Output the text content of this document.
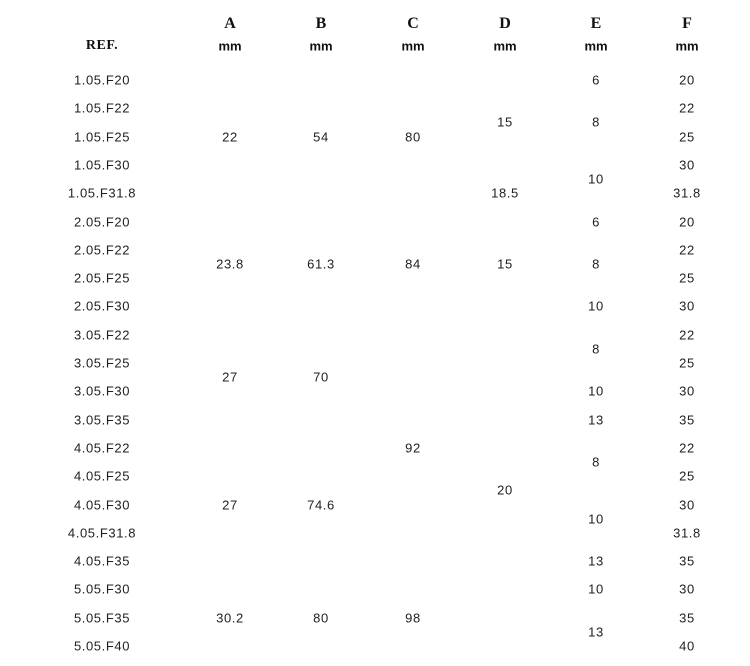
REF.
A
mm
B
mm
C
mm
D
mm
E
mm
F
mm
1.05.F20
1.05.F22
1.05.F25
1.05.F30
1.05.F31.8
2.05.F20
2.05.F22
2.05.F25
2.05.F30
3.05.F22
3.05.F25
3.05.F30
3.05.F35
4.05.F22
4.05.F25
4.05.F30
4.05.F31.8
4.05.F35
5.05.F30
5.05.F35
5.05.F40
20
22
25
30
31.8
20
22
25
30
22
25
30
35
22
25
30
31.8
35
30
35
40
22
23.8
27
27
30.2
54
61.3
70
74.6
80
80
84
92
98
15
18.5
15
20
6
8
10
6
8
10
8
10
13
8
10
13
10
13
